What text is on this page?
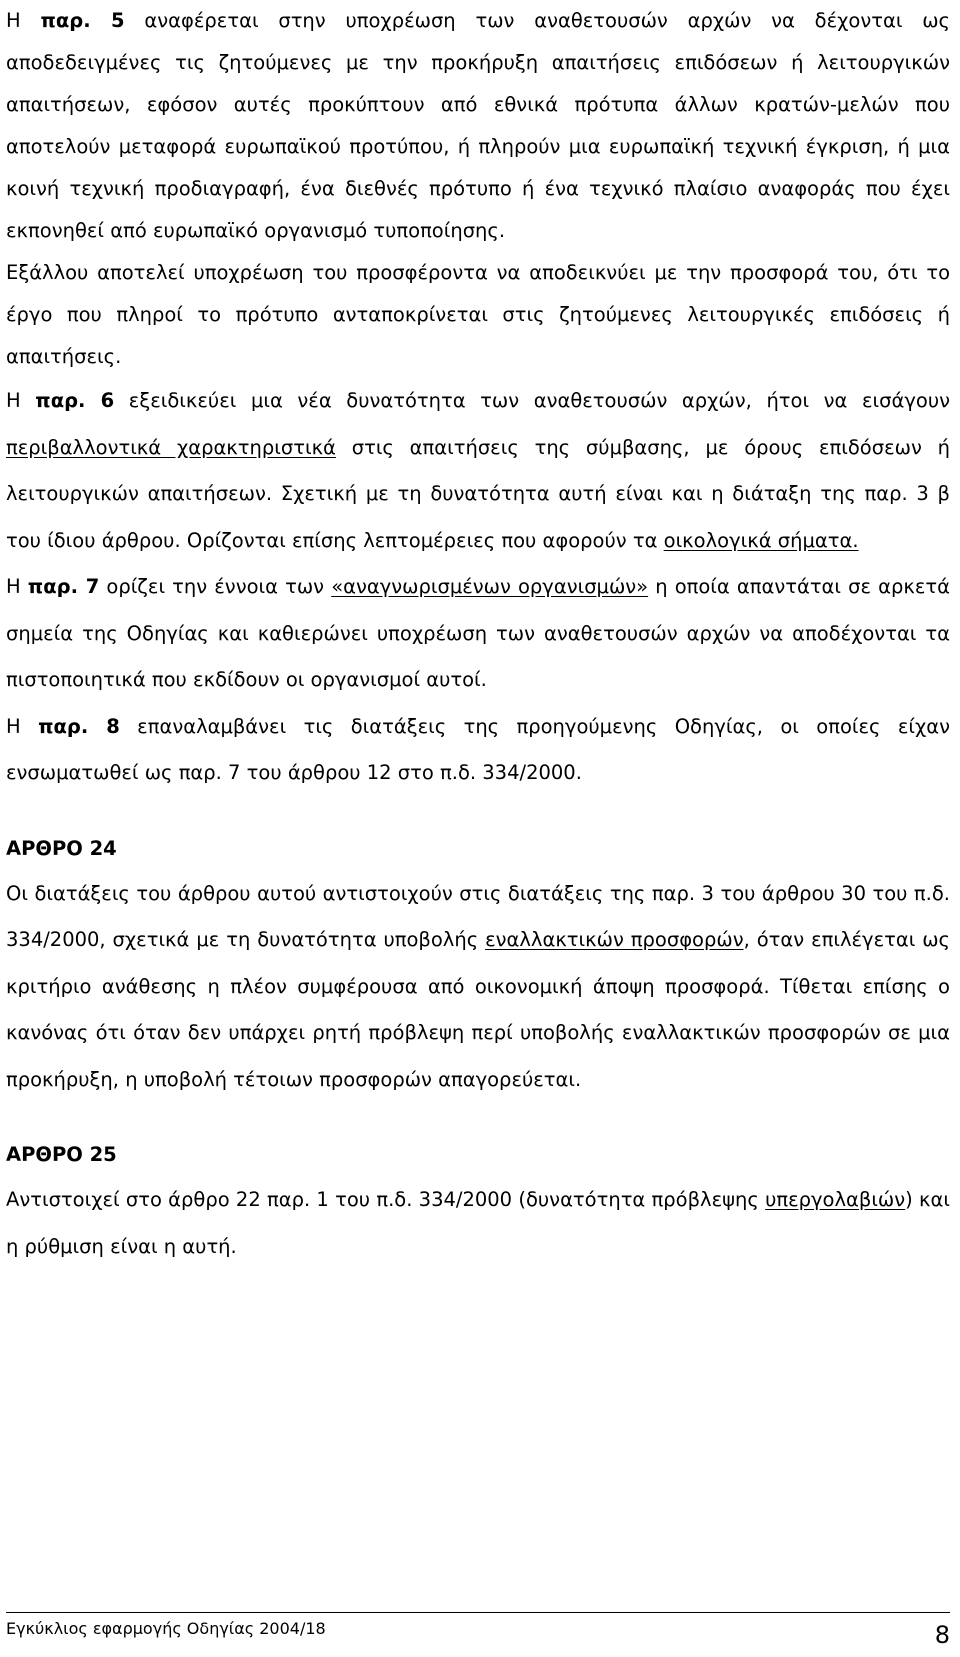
Η παρ. 5 αναφέρεται στην υποχρέωση των αναθετουσών αρχών να δέχονται ως αποδεδειγμένες τις ζητούμενες με την προκήρυξη απαιτήσεις επιδόσεων ή λειτουργικών απαιτήσεων, εφόσον αυτές προκύπτουν από εθνικά πρότυπα άλλων κρατών-μελών που αποτελούν μεταφορά ευρωπαϊκού προτύπου, ή πληρούν μια ευρωπαϊκή τεχνική έγκριση, ή μια κοινή τεχνική προδιαγραφή, ένα διεθνές πρότυπο ή ένα τεχνικό πλαίσιο αναφοράς που έχει εκπονηθεί από ευρωπαϊκό οργανισμό τυποποίησης.

Εξάλλου αποτελεί υποχρέωση του προσφέροντα να αποδεικνύει με την προσφορά του, ότι το έργο που πληροί το πρότυπο ανταποκρίνεται στις ζητούμενες λειτουργικές επιδόσεις ή απαιτήσεις.

Η παρ. 6 εξειδικεύει μια νέα δυνατότητα των αναθετουσών αρχών, ήτοι να εισάγουν περιβαλλοντικά χαρακτηριστικά στις απαιτήσεις της σύμβασης, με όρους επιδόσεων ή λειτουργικών απαιτήσεων. Σχετική με τη δυνατότητα αυτή είναι και η διάταξη της παρ. 3 β του ίδιου άρθρου. Ορίζονται επίσης λεπτομέρειες που αφορούν τα οικολογικά σήματα.

Η παρ. 7 ορίζει την έννοια των «αναγνωρισμένων οργανισμών» η οποία απαντάται σε αρκετά σημεία της Οδηγίας και καθιερώνει υποχρέωση των αναθετουσών αρχών να αποδέχονται τα πιστοποιητικά που εκδίδουν οι οργανισμοί αυτοί.

Η παρ. 8 επαναλαμβάνει τις διατάξεις της προηγούμενης Οδηγίας, οι οποίες είχαν ενσωματωθεί ως παρ. 7 του άρθρου 12 στο π.δ. 334/2000.

ΑΡΘΡΟ 24

Οι διατάξεις του άρθρου αυτού αντιστοιχούν στις διατάξεις της παρ. 3 του άρθρου 30 του π.δ. 334/2000, σχετικά με τη δυνατότητα υποβολής εναλλακτικών προσφορών, όταν επιλέγεται ως κριτήριο ανάθεσης η πλέον συμφέρουσα από οικονομική άποψη προσφορά. Τίθεται επίσης ο κανόνας ότι όταν δεν υπάρχει ρητή πρόβλεψη περί υποβολής εναλλακτικών προσφορών σε μια προκήρυξη, η υποβολή τέτοιων προσφορών απαγορεύεται.

ΑΡΘΡΟ 25

Αντιστοιχεί στο άρθρο 22 παρ. 1 του π.δ. 334/2000 (δυνατότητα πρόβλεψης υπεργολαβιών) και η ρύθμιση είναι η αυτή.

Εγκύκλιος εφαρμογής Οδηγίας 2004/18	8
